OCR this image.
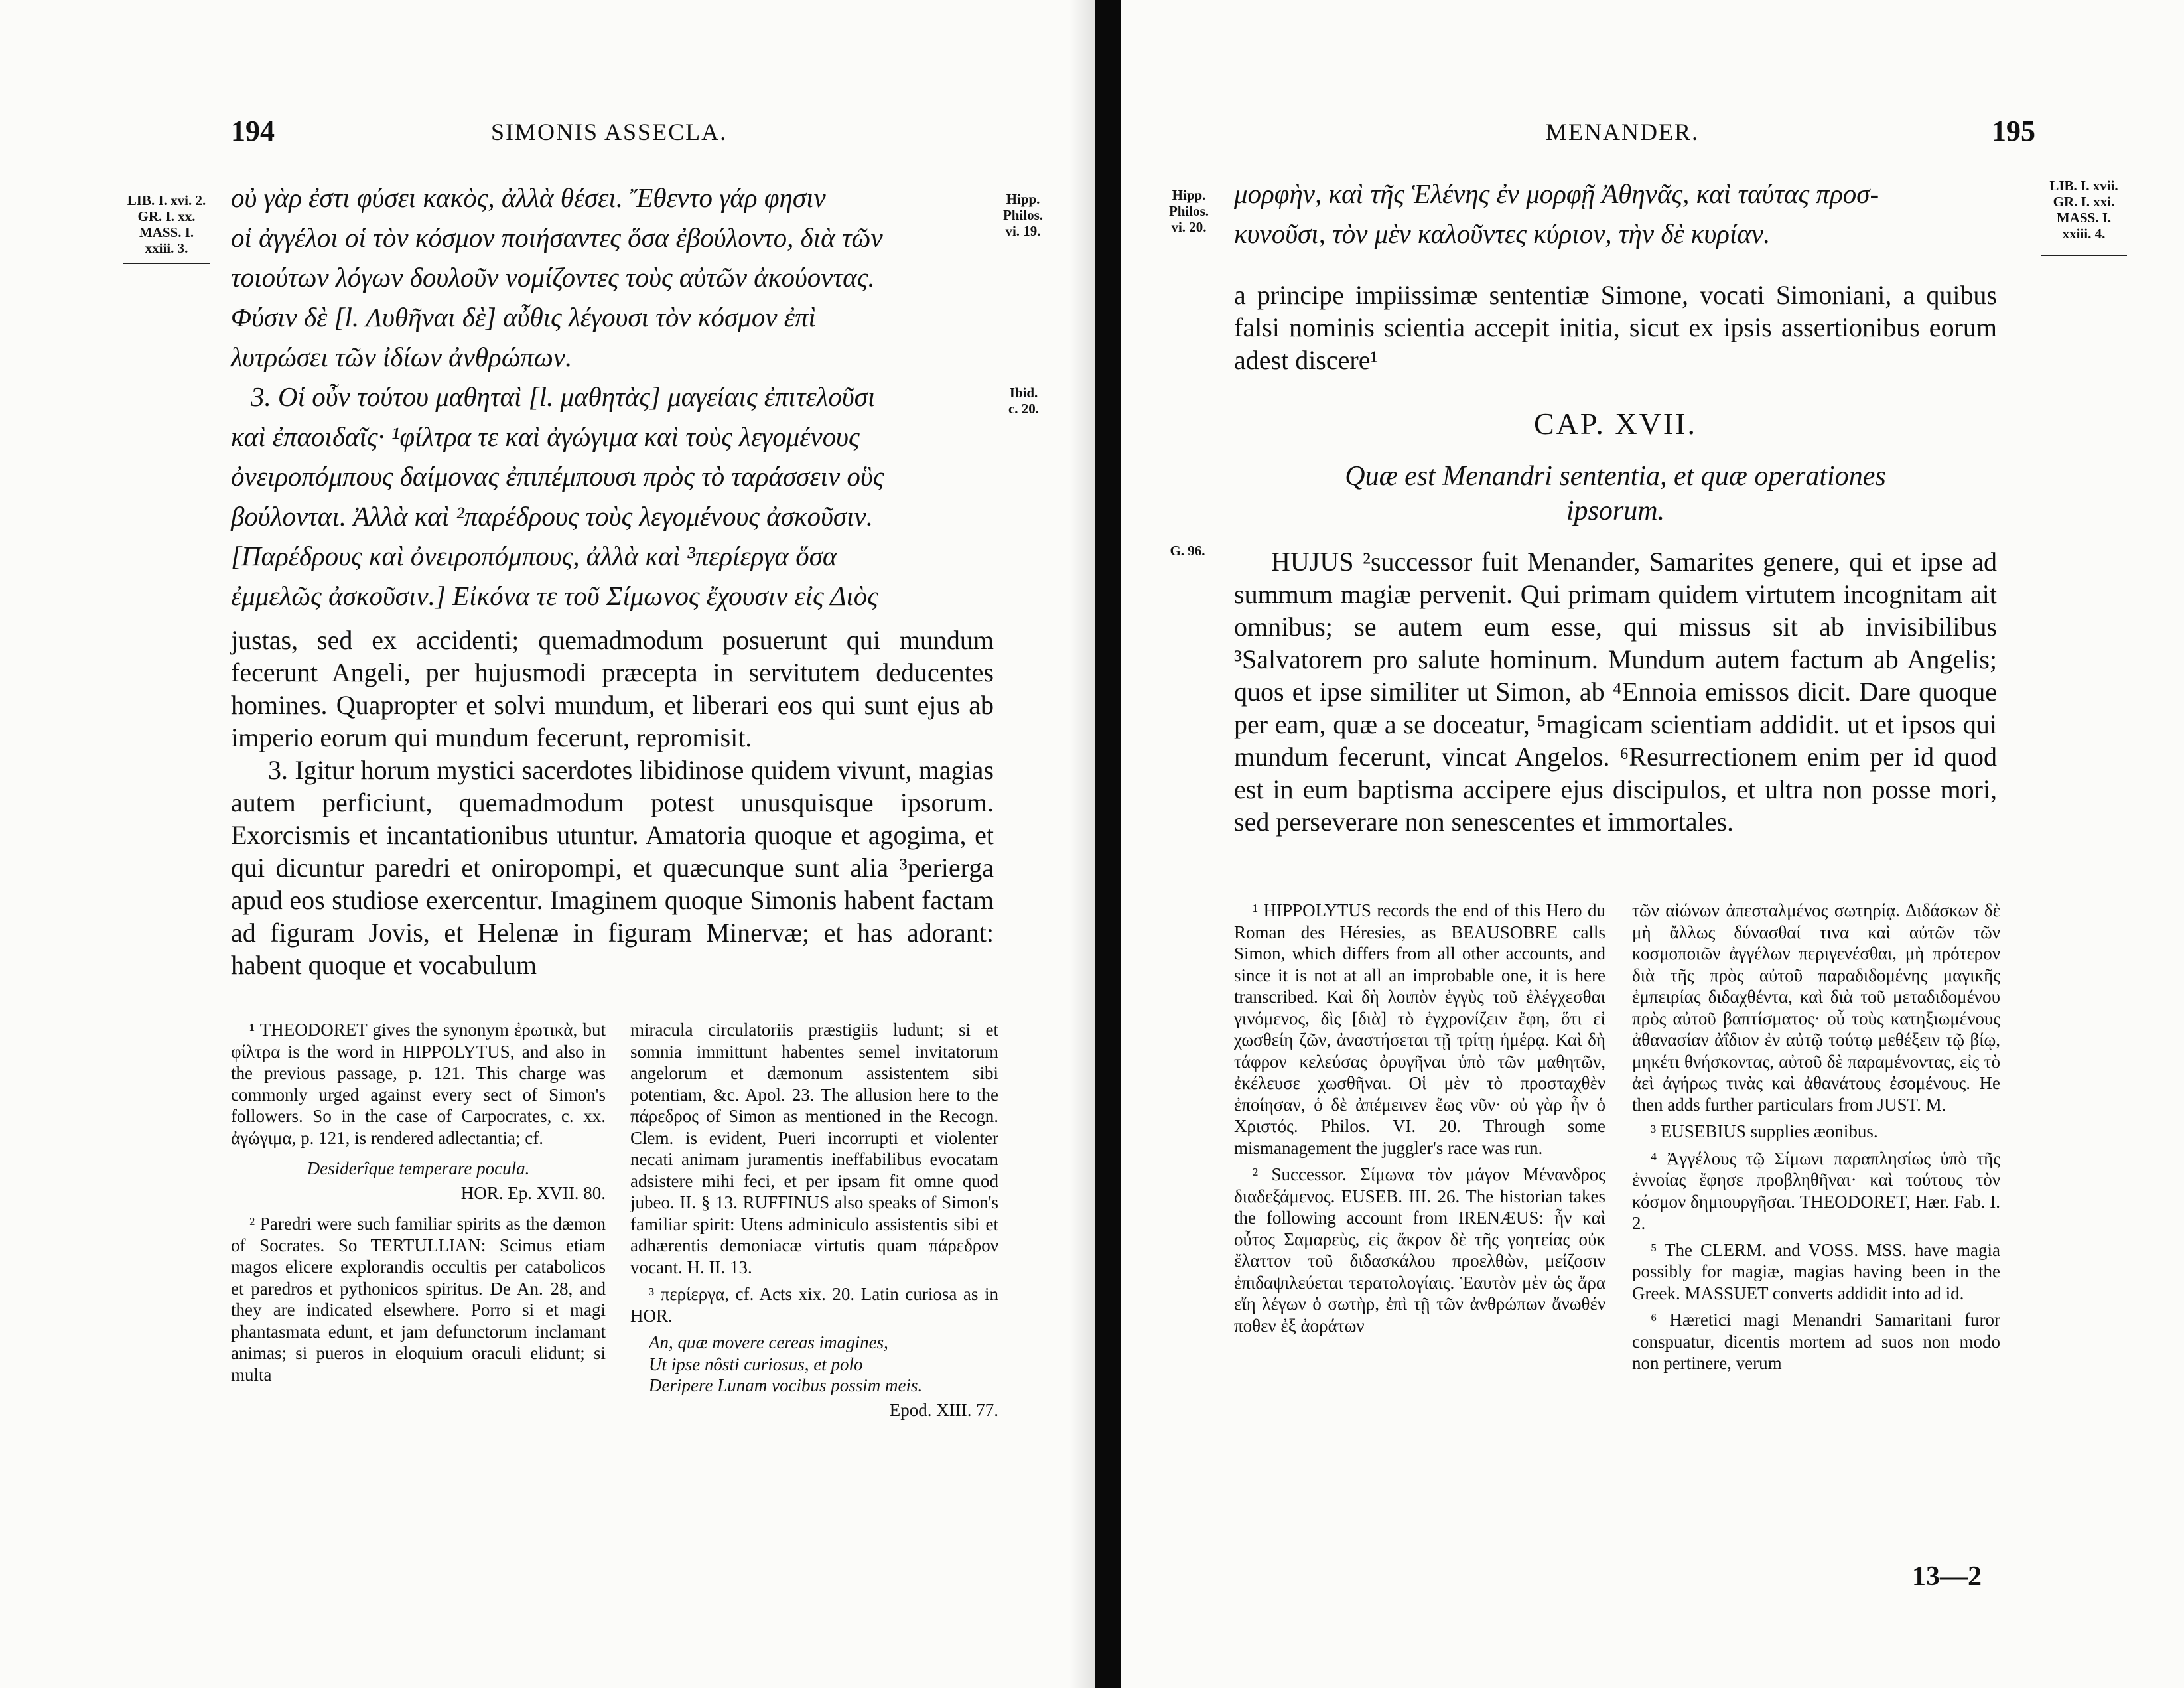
194	SIMONIS ASSECLA.
LIB. I. xvi. 2.
GR. I. xx.
MASS. I.
xxiii. 3.
Hipp.
Philos.
vi. 19.
Ibid.
c. 20.

οὐ γὰρ ἐστι φύσει κακὸς, ἀλλὰ θέσει. Ἔθεντο γάρ φησιν

οἱ ἀγγέλοι οἱ τὸν κόσμον ποιήσαντες ὅσα ἐβούλοντο, διὰ τῶν

τοιούτων λόγων δουλοῦν νομίζοντες τοὺς αὐτῶν ἀκούοντας.

Φύσιν δὲ [l. Λυθῆναι δὲ] αὖθις λέγουσι τὸν κόσμον ἐπὶ

λυτρώσει τῶν ἰδίων ἀνθρώπων.

3. Οἱ οὖν τούτου μαθηταὶ [l. μαθητὰς] μαγείαις ἐπιτελοῦσι

καὶ ἐπαοιδαῖς· ¹φίλτρα τε καὶ ἀγώγιμα καὶ τοὺς λεγομένους

ὀνειροπόμπους δαίμονας ἐπιπέμπουσι πρὸς τὸ ταράσσειν οὓς

βούλονται. Ἀλλὰ καὶ ²παρέδρους τοὺς λεγομένους ἀσκοῦσιν.

[Παρέδρους καὶ ὀνειροπόμπους, ἀλλὰ καὶ ³περίεργα ὅσα

ἐμμελῶς ἀσκοῦσιν.] Εἰκόνα τε τοῦ Σίμωνος ἔχουσιν εἰς Διὸς

justas, sed ex accidenti; quemadmodum posuerunt qui mundum fecerunt Angeli, per hujusmodi præcepta in servitutem deducentes homines. Quapropter et solvi mundum, et liberari eos qui sunt ejus ab imperio eorum qui mundum fecerunt, repromisit.

3. Igitur horum mystici sacerdotes libidinose quidem vivunt, magias autem perficiunt, quemadmodum potest unusquisque ipsorum. Exorcismis et incantationibus utuntur. Amatoria quoque et agogima, et qui dicuntur paredri et oniropompi, et quæcunque sunt alia ³perierga apud eos studiose exercentur. Imaginem quoque Simonis habent factam ad figuram Jovis, et Helenæ in figuram Minervæ; et has adorant: habent quoque et vocabulum

¹ THEODORET gives the synonym ἐρωτικὰ, but φίλτρα is the word in HIPPOLYTUS, and also in the previous passage, p. 121. This charge was commonly urged against every sect of Simon's followers. So in the case of Carpocrates, c. xx. ἀγώγιμα, p. 121, is rendered adlectantia; cf.

Desiderîque temperare pocula.

HOR. Ep. XVII. 80.

² Paredri were such familiar spirits as the dæmon of Socrates. So TERTULLIAN: Scimus etiam magos elicere explorandis occultis per catabolicos et paredros et pythonicos spiritus. De An. 28, and they are indicated elsewhere. Porro si et magi phantasmata edunt, et jam defunctorum inclamant animas; si pueros in eloquium oraculi elidunt; si multa

miracula circulatoriis præstigiis ludunt; si et somnia immittunt habentes semel invitatorum angelorum et dæmonum assistentem sibi potentiam, &c. Apol. 23. The allusion here to the πάρεδρος of Simon as mentioned in the Recogn. Clem. is evident, Pueri incorrupti et violenter necati animam juramentis ineffabilibus evocatam adsistere mihi feci, et per ipsam fit omne quod jubeo. II. § 13. RUFFINUS also speaks of Simon's familiar spirit: Utens adminiculo assistentis sibi et adhærentis demoniacæ virtutis quam πάρεδρον vocant. H. II. 13.

³ περίεργα, cf. Acts xix. 20. Latin curiosa as in HOR.

An, quæ movere cereas imagines,

Ut ipse nôsti curiosus, et polo

Deripere Lunam vocibus possim meis.

Epod. XIII. 77.

MENANDER.	195
Hipp.
Philos.
vi. 20.
LIB. I. xvii.
GR. I. xxi.
MASS. I.
xxiii. 4.
G. 96.

μορφὴν, καὶ τῆς Ἑλένης ἐν μορφῇ Ἀθηνᾶς, καὶ ταύτας προσ-

κυνοῦσι, τὸν μὲν καλοῦντες κύριον, τὴν δὲ κυρίαν.

a principe impiissimæ sententiæ Simone, vocati Simoniani, a quibus falsi nominis scientia accepit initia, sicut ex ipsis assertionibus eorum adest discere¹

CAP. XVII.
Quæ est Menandri sententia, et quæ operationes
ipsorum.

HUJUS ²successor fuit Menander, Samarites genere, qui et ipse ad summum magiæ pervenit. Qui primam quidem virtutem incognitam ait omnibus; se autem eum esse, qui missus sit ab invisibilibus ³Salvatorem pro salute hominum. Mundum autem factum ab Angelis; quos et ipse similiter ut Simon, ab ⁴Ennoia emissos dicit. Dare quoque per eam, quæ a se doceatur, ⁵magicam scientiam addidit. ut et ipsos qui mundum fecerunt, vincat Angelos. ⁶Resurrectionem enim per id quod est in eum baptisma accipere ejus discipulos, et ultra non posse mori, sed perseverare non senescentes et immortales.

¹ HIPPOLYTUS records the end of this Hero du Roman des Héresies, as BEAUSOBRE calls Simon, which differs from all other accounts, and since it is not at all an improbable one, it is here transcribed. Καὶ δὴ λοιπὸν ἐγγὺς τοῦ ἐλέγχεσθαι γινόμενος, δὶς [διὰ] τὸ ἐγχρονίζειν ἔφη, ὅτι εἰ χωσθείη ζῶν, ἀναστήσεται τῇ τρίτῃ ἡμέρᾳ. Καὶ δὴ τάφρον κελεύσας ὀρυγῆναι ὑπὸ τῶν μαθητῶν, ἐκέλευσε χωσθῆναι. Οἱ μὲν τὸ προσταχθὲν ἐποίησαν, ὁ δὲ ἀπέμεινεν ἕως νῦν· οὐ γὰρ ἦν ὁ Χριστός. Philos. VI. 20. Through some mismanagement the juggler's race was run.

² Successor. Σίμωνα τὸν μάγον Μένανδρος διαδεξάμενος. EUSEB. III. 26. The historian takes the following account from IRENÆUS: ἦν καὶ οὗτος Σαμαρεὺς, εἰς ἄκρον δὲ τῆς γοητείας οὐκ ἔλαττον τοῦ διδασκάλου προελθὼν, μείζοσιν ἐπιδαψιλεύεται τερατολογίαις. Ἑαυτὸν μὲν ὡς ἄρα εἴη λέγων ὁ σωτὴρ, ἐπὶ τῇ τῶν ἀνθρώπων ἄνωθέν ποθεν ἐξ ἀοράτων

τῶν αἰώνων ἀπεσταλμένος σωτηρίᾳ. Διδάσκων δὲ μὴ ἄλλως δύνασθαί τινα καὶ αὐτῶν τῶν κοσμοποιῶν ἀγγέλων περιγενέσθαι, μὴ πρότερον διὰ τῆς πρὸς αὐτοῦ παραδιδομένης μαγικῆς ἐμπειρίας διδαχθέντα, καὶ διὰ τοῦ μεταδιδομένου πρὸς αὐτοῦ βαπτίσματος· οὗ τοὺς κατηξιωμένους ἀθανασίαν ἀΐδιον ἐν αὐτῷ τούτῳ μεθέξειν τῷ βίῳ, μηκέτι θνήσκοντας, αὐτοῦ δὲ παραμένοντας, εἰς τὸ ἀεὶ ἀγήρως τινὰς καὶ ἀθανάτους ἐσομένους. He then adds further particulars from JUST. M.

³ EUSEBIUS supplies æonibus.

⁴ Ἀγγέλους τῷ Σίμωνι παραπλησίως ὑπὸ τῆς ἐννοίας ἔφησε προβληθῆναι· καὶ τούτους τὸν κόσμον δημιουργῆσαι. THEODORET, Hær. Fab. I. 2.

⁵ The CLERM. and VOSS. MSS. have magia possibly for magiæ, magias having been in the Greek. MASSUET converts addidit into ad id.

⁶ Hæretici magi Menandri Samaritani furor conspuatur, dicentis mortem ad suos non modo non pertinere, verum

13—2
